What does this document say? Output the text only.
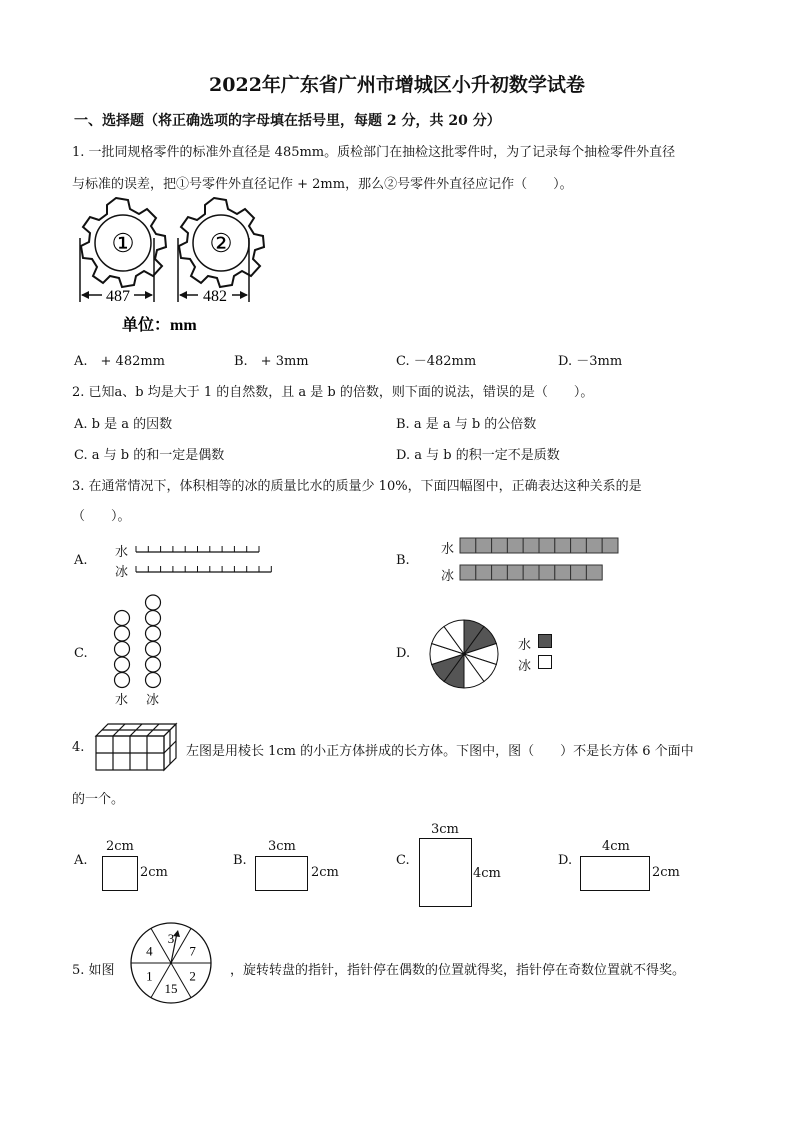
2022年广东省广州市增城区小升初数学试卷
一、选择题（将正确选项的字母填在括号里，每题 2 分，共 20 分）
1. 一批同规格零件的标准外直径是 485mm。质检部门在抽检这批零件时，为了记录每个抽检零件外直径
与标准的误差，把①号零件外直径记作 + 2mm，那么②号零件外直径应记作（　　）。
①	②
487	482
单位：mm
A.　+ 482mm	B.　+ 3mm	C. －482mm	D. －3mm
2. 已知a、b 均是大于 1 的自然数，且 a 是 b 的倍数，则下面的说法，错误的是（　　）。
A. b 是 a 的因数	B. a 是 a 与 b 的公倍数
C. a 与 b 的和一定是偶数	D. a 与 b 的积一定不是质数
3. 在通常情况下，体积相等的冰的质量比水的质量少 10%，下面四幅图中，正确表达这种关系的是
（　　）。
A.
水
冰
B.
水
冰
C.
水 冰
D.
水
冰
4.	左图是用棱长 1cm 的小正方体拼成的长方体。下图中，图（　　）不是长方体 6 个面中
的一个。
A.
2cm
2cm
B.
3cm
2cm
C.
3cm
4cm
D.
4cm
2cm
5. 如图
3
7
2
15
1
4
，旋转转盘的指针，指针停在偶数的位置就得奖，指针停在奇数位置就不得奖。
